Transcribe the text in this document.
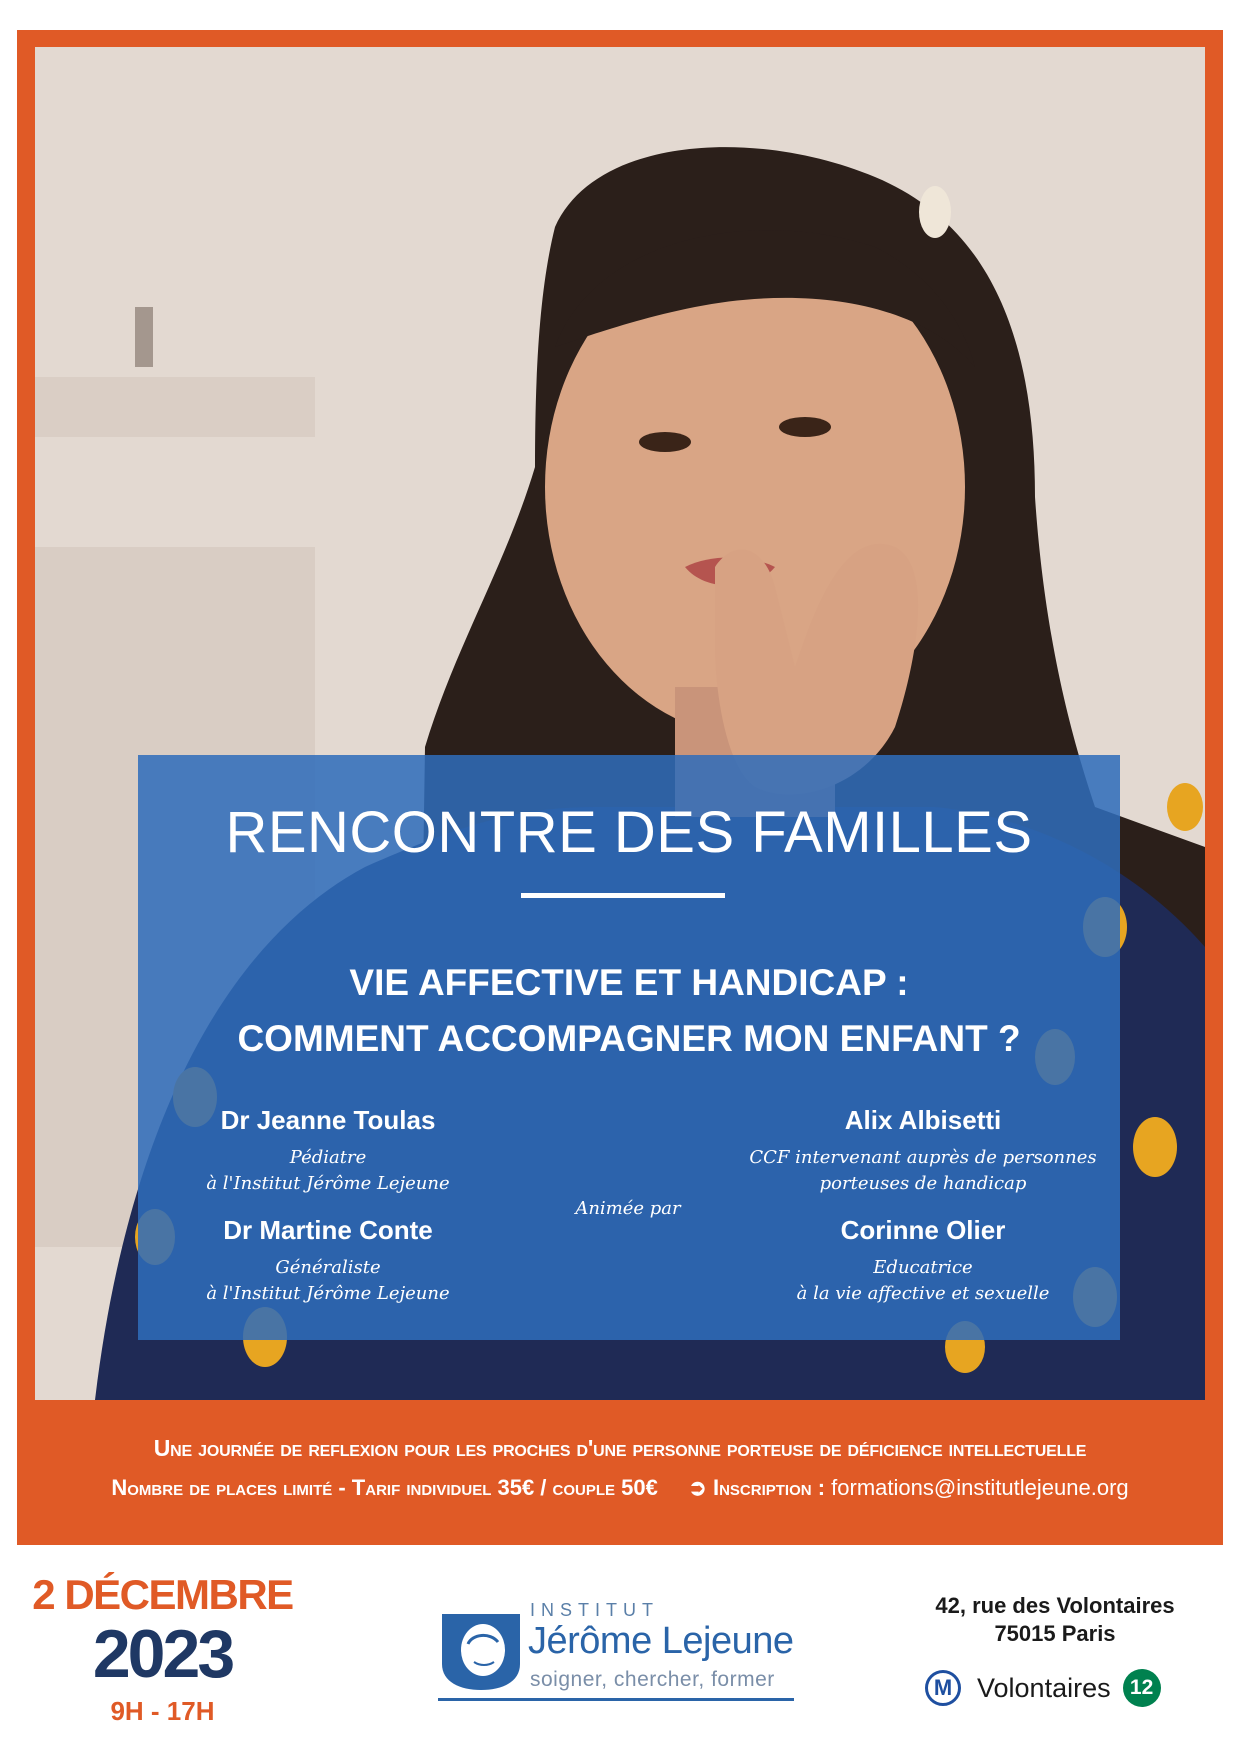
RENCONTRE DES FAMILLES
VIE AFFECTIVE ET HANDICAP :
COMMENT ACCOMPAGNER MON ENFANT ?
Dr Jeanne Toulas
Pédiatre
à l'Institut Jérôme Lejeune
Dr Martine Conte
Généraliste
à l'Institut Jérôme Lejeune
Animée par
Alix Albisetti
CCF intervenant auprès de personnes
porteuses de handicap
Corinne Olier
Educatrice
à la vie affective et sexuelle
Une journée de reflexion pour les proches d'une personne porteuse de déficience intellectuelle
Nombre de places limité - Tarif individuel 35€ / couple 50€ ➲ Inscription : formations@institutlejeune.org
2 DÉCEMBRE
2023
9H - 17H
INSTITUT
Jérôme Lejeune
soigner, chercher, former
42, rue des Volontaires
75015 Paris
M Volontaires 12
